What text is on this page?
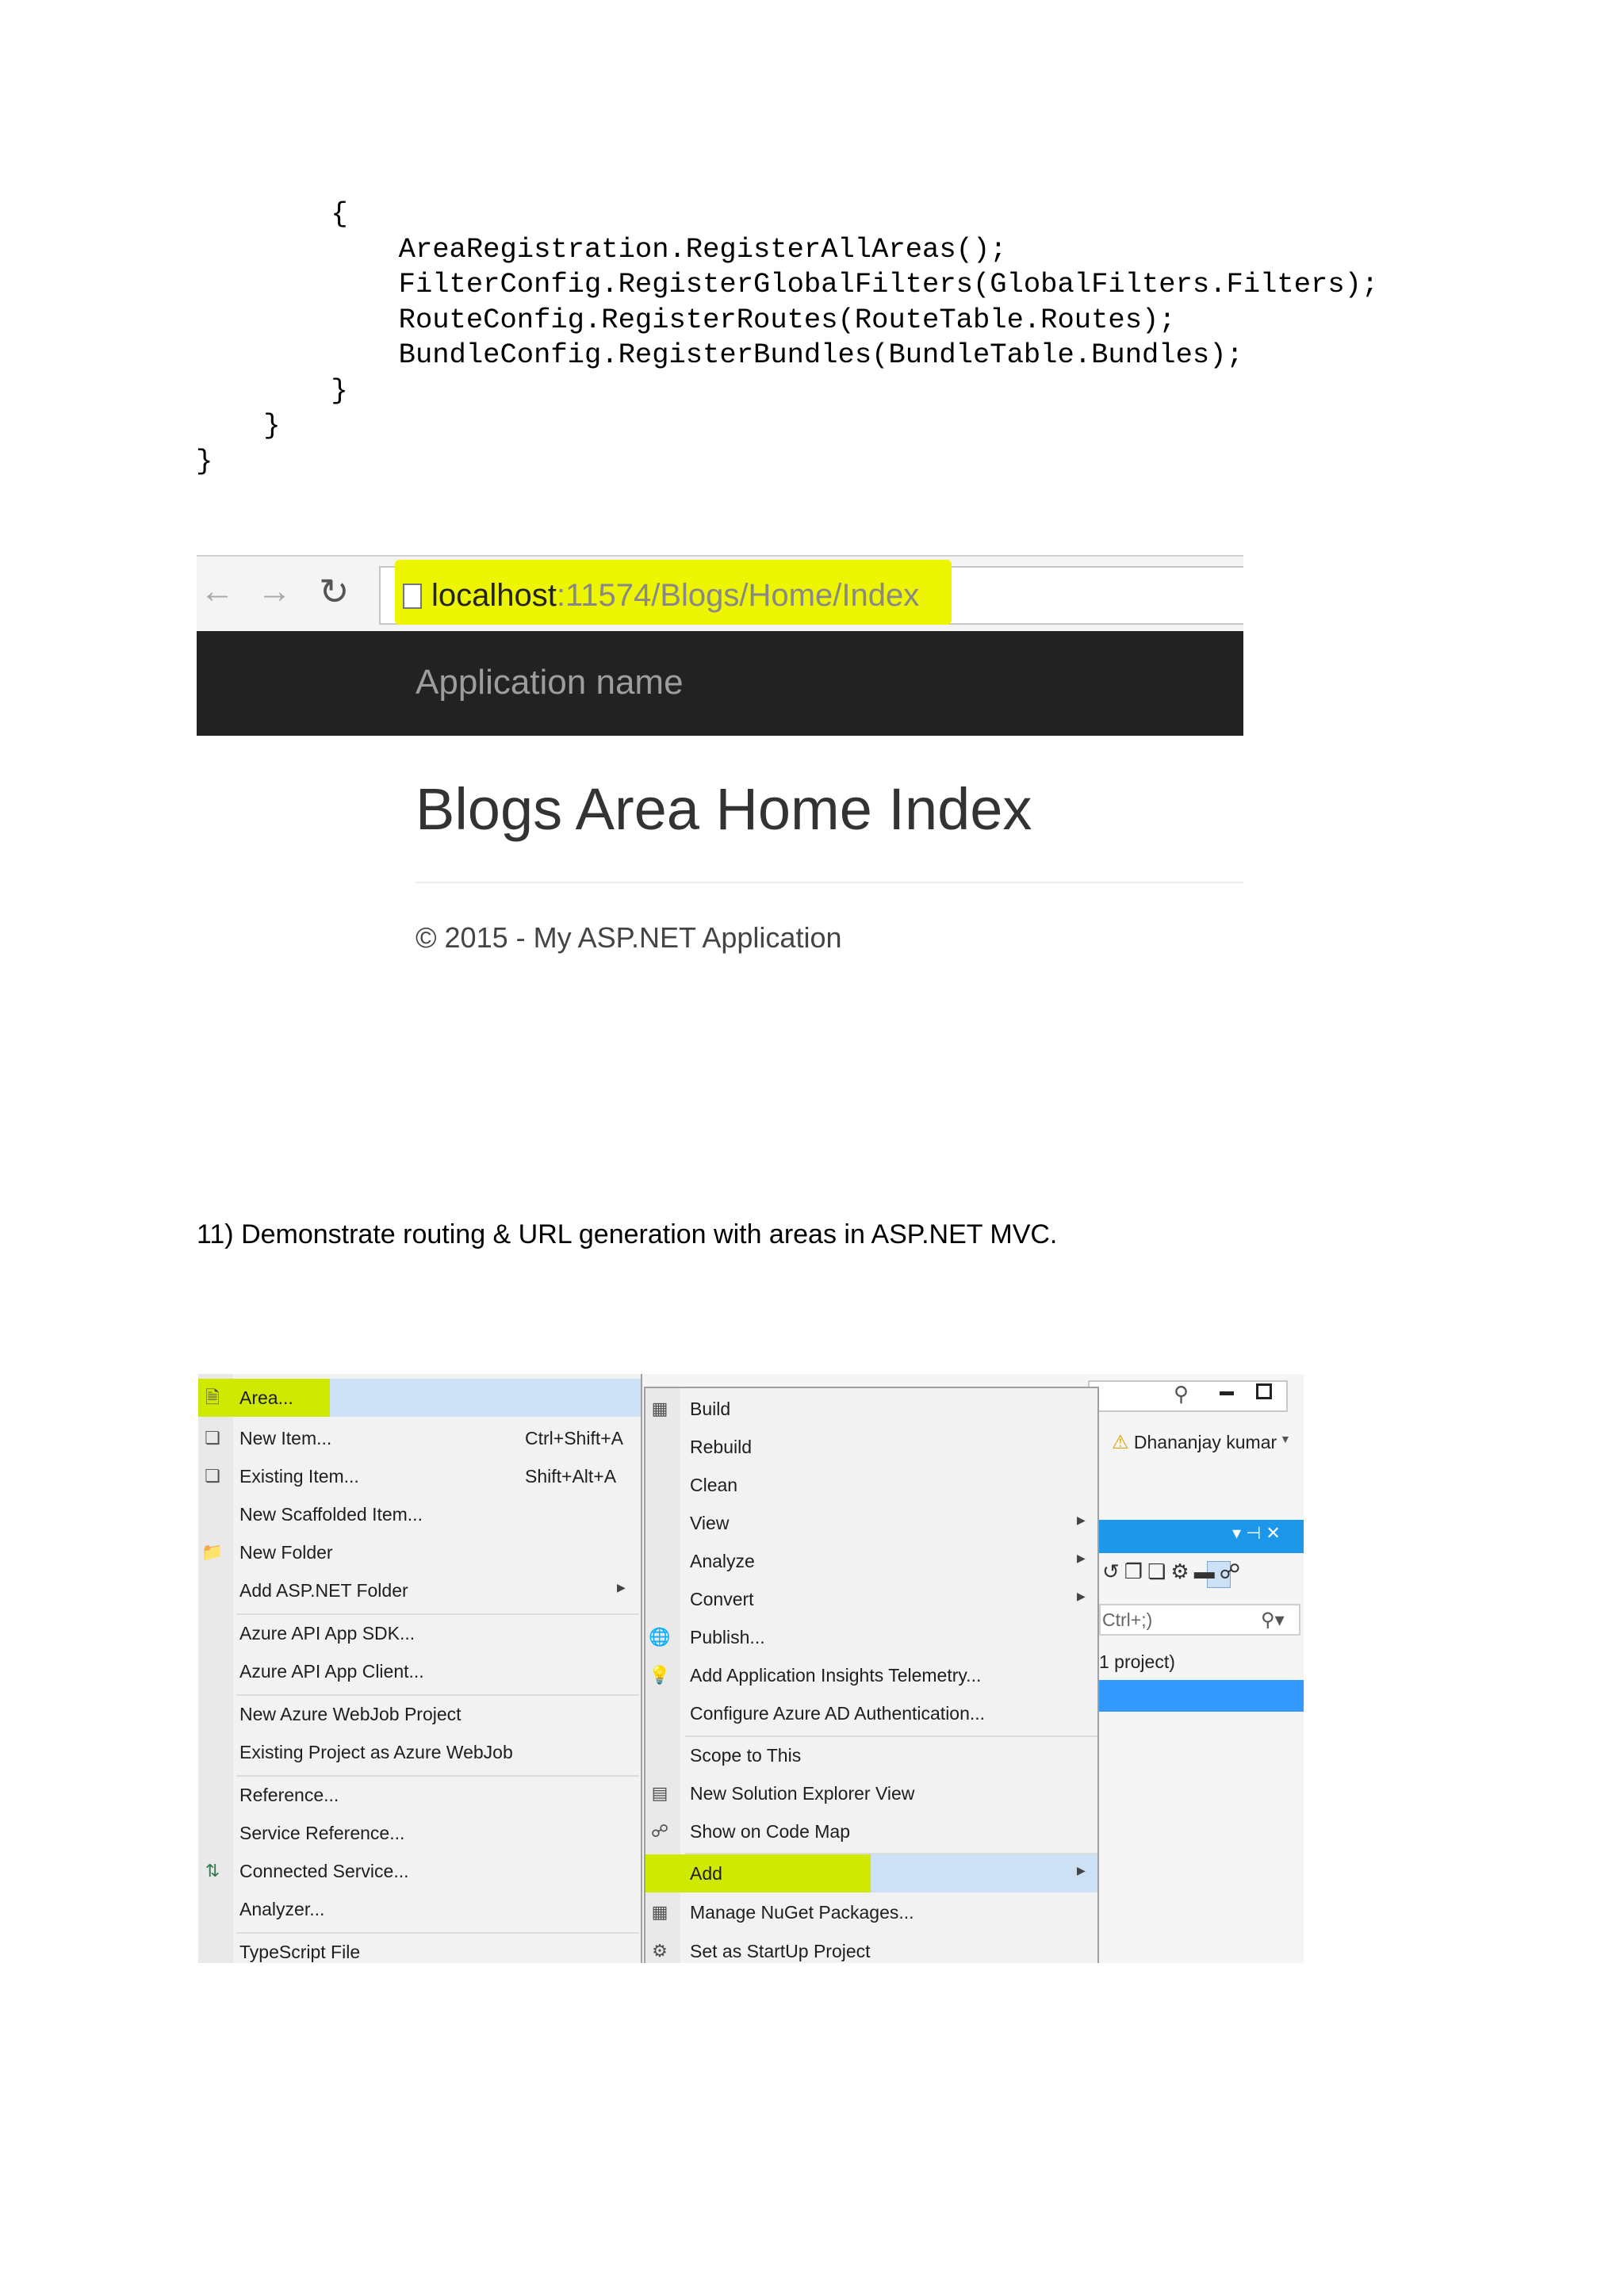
{
AreaRegistration.RegisterAllAreas();
FilterConfig.RegisterGlobalFilters(GlobalFilters.Filters);
RouteConfig.RegisterRoutes(RouteTable.Routes);
BundleConfig.RegisterBundles(BundleTable.Bundles);
}
}
}
← → ↻	localhost:11574/Blogs/Home/Index
Application name
Blogs Area Home Index
© 2015 - My ASP.NET Application
11) Demonstrate routing & URL generation with areas in ASP.NET MVC.
⚲
⚠ Dhananjay kumar ▼
▾ ⊣ ✕
↺❐❏⚙▬☍
Ctrl+;)	⚲▾
1 project)
🗎 Area...
❏ New Item...	Ctrl+Shift+A
❏ Existing Item...	Shift+Alt+A
New Scaffolded Item...
📁 New Folder
Add ASP.NET Folder	▶
Azure API App SDK...
Azure API App Client...
New Azure WebJob Project
Existing Project as Azure WebJob
Reference...
Service Reference...
⇅ Connected Service...
Analyzer...
TypeScript File
▦ Build
Rebuild
Clean
View	▶
Analyze	▶
Convert	▶
🌐 Publish...
💡 Add Application Insights Telemetry...
Configure Azure AD Authentication...
Scope to This
▤ New Solution Explorer View
☍ Show on Code Map
Add	▶
▦ Manage NuGet Packages...
⚙ Set as StartUp Project
